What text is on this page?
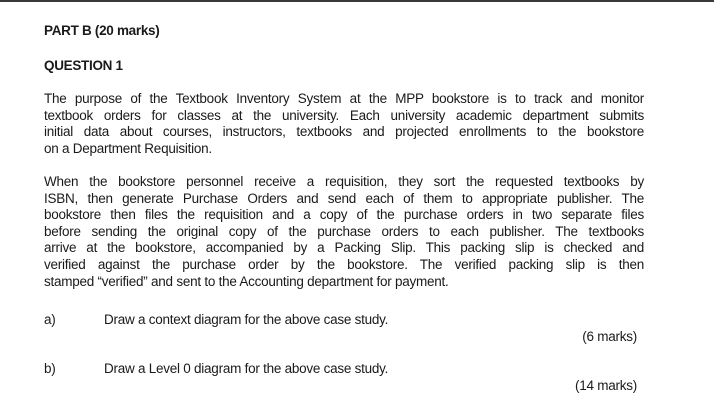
PART B (20 marks)
QUESTION 1
The purpose of the Textbook Inventory System at the MPP bookstore is to track and monitor
textbook orders for classes at the university. Each university academic department submits
initial data about courses, instructors, textbooks and projected enrollments to the bookstore
on a Department Requisition.
When the bookstore personnel receive a requisition, they sort the requested textbooks by
ISBN, then generate Purchase Orders and send each of them to appropriate publisher. The
bookstore then files the requisition and a copy of the purchase orders in two separate files
before sending the original copy of the purchase orders to each publisher. The textbooks
arrive at the bookstore, accompanied by a Packing Slip. This packing slip is checked and
verified against the purchase order by the bookstore. The verified packing slip is then
stamped “verified” and sent to the Accounting department for payment.
a)	Draw a context diagram for the above case study.
(6 marks)
b)	Draw a Level 0 diagram for the above case study.
(14 marks)
